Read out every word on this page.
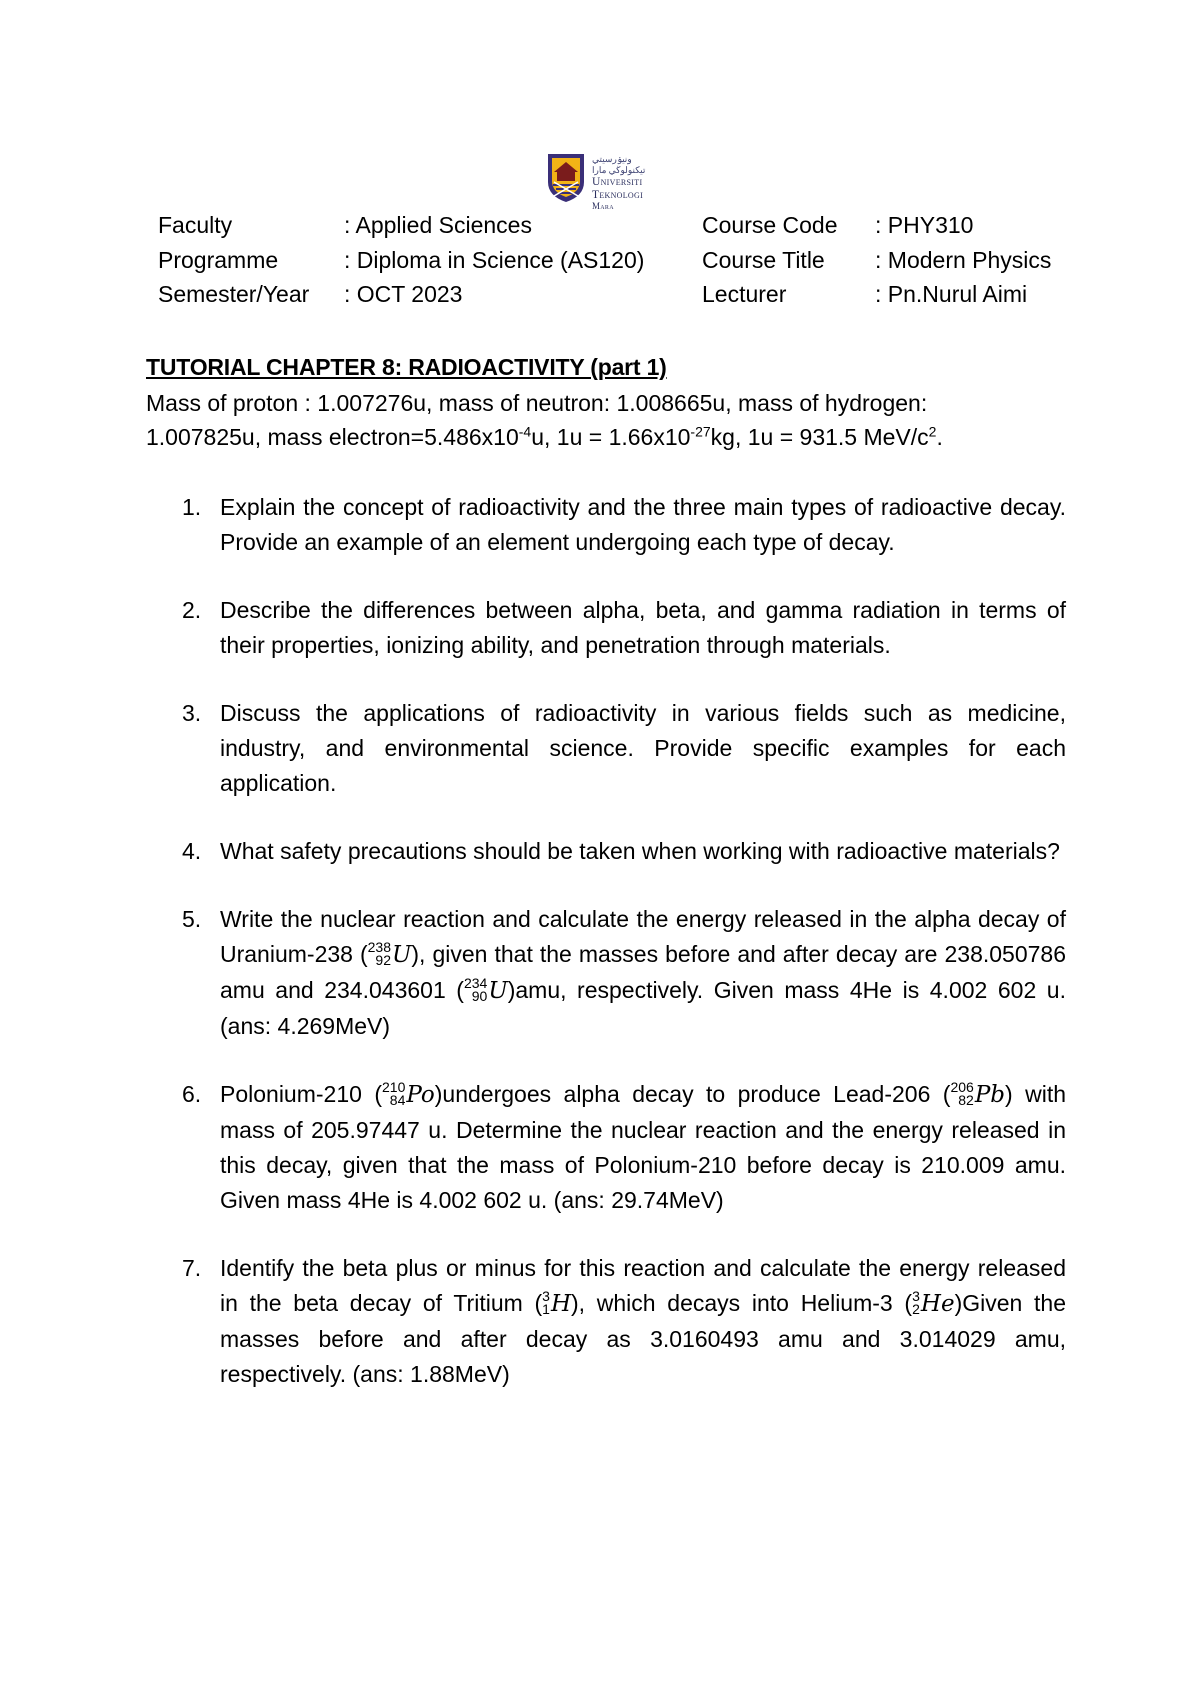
ونيۏرسيتي تيكنولوڬي مارا
Universiti
Teknologi
Mara
Faculty	: Applied Sciences	Course Code : PHY310
Programme	: Diploma in Science (AS120)	Course Title : Modern Physics
Semester/Year : OCT 2023	Lecturer	: Pn.Nurul Aimi
TUTORIAL CHAPTER 8: RADIOACTIVITY (part 1)
Mass of proton : 1.007276u, mass of neutron: 1.008665u, mass of hydrogen:
1.007825u, mass $electron=5.486x10^{-4}u$, $1u = 1.66x10^{-27}kg$, 1u = 931.5 MeV/$c^2$.
1. Explain the concept of radioactivity and the three main types of radioactive decay. Provide an example of an element undergoing each type of decay.
2. Describe the differences between alpha, beta, and gamma radiation in terms of their properties, ionizing ability, and penetration through materials.
3. Discuss the applications of radioactivity in various fields such as medicine, industry, and environmental science. Provide specific examples for each application.
4. What safety precautions should be taken when working with radioactive materials?
5. Write the nuclear reaction and calculate the energy released in the alpha decay of Uranium-238 ( 238
92 U), given that the masses before and after decay are 238.050786 amu and 234.043601 ( 234
90 U)amu, respectively. Given mass 4He is 4.002 602 u. (ans: 4.269MeV)
6. Polonium-210 ( 210
84 Po)undergoes alpha decay to produce Lead-206 ( 206
82 Pb) with mass of 205.97447 u. Determine the nuclear reaction and the energy released in this decay, given that the mass of Polonium-210 before decay is 210.009 amu. Given mass 4He is 4.002 602 u. (ans: 29.74MeV)
7. Identify the beta plus or minus for this reaction and calculate the energy released in the beta decay of Tritium ( 3
1 H), which decays into Helium-3 ( 3
2 He)Given the masses before and after decay as 3.0160493 amu and 3.014029 amu, respectively. (ans: 1.88MeV)
